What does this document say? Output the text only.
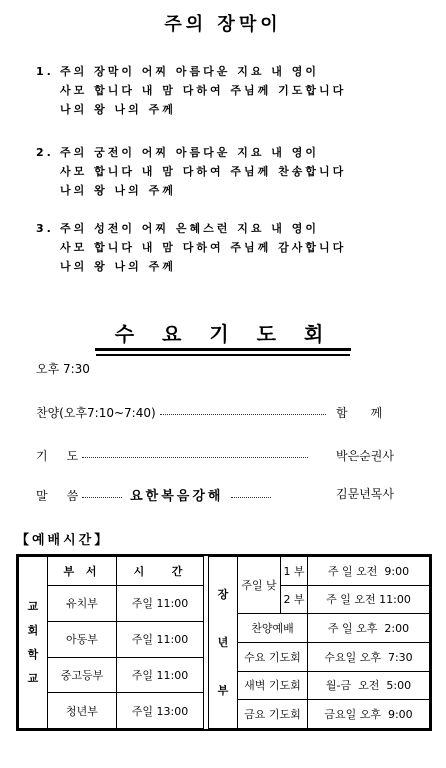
주의 장막이
1. 주의 장막이 어찌 아름다운 지요 내 영이
사모 합니다 내 맘 다하여 주님께 기도합니다
나의 왕 나의 주께
2. 주의 궁전이 어찌 아름다운 지요 내 영이
사모 합니다 내 맘 다하여 주님께 찬송합니다
나의 왕 나의 주께
3. 주의 성전이 어찌 은혜스런 지요 내 영이
사모 합니다 내 맘 다하여 주님께 감사합니다
나의 왕 나의 주께
수요기도회
오후 7:30
찬양(오후7:10~7:40)	함      께
기     도	박은순권사
말     씀	요한복음강해	김문년목사
【예배시간】
교
회
학
교	부 서	시   간
	유치부	주일 11:00
	아동부	주일 11:00
	중고등부	주일 11:00
	청년부	주일 13:00
장

년

부	주일 낮	1 부	주 일 오전  9:00
		2 부	주 일 오전 11:00
	찬양예배		주 일 오후  2:00
	수요 기도회		수요일 오후  7:30
	새벽 기도회		월-금  오전  5:00
	금요 기도회		금요일 오후  9:00
